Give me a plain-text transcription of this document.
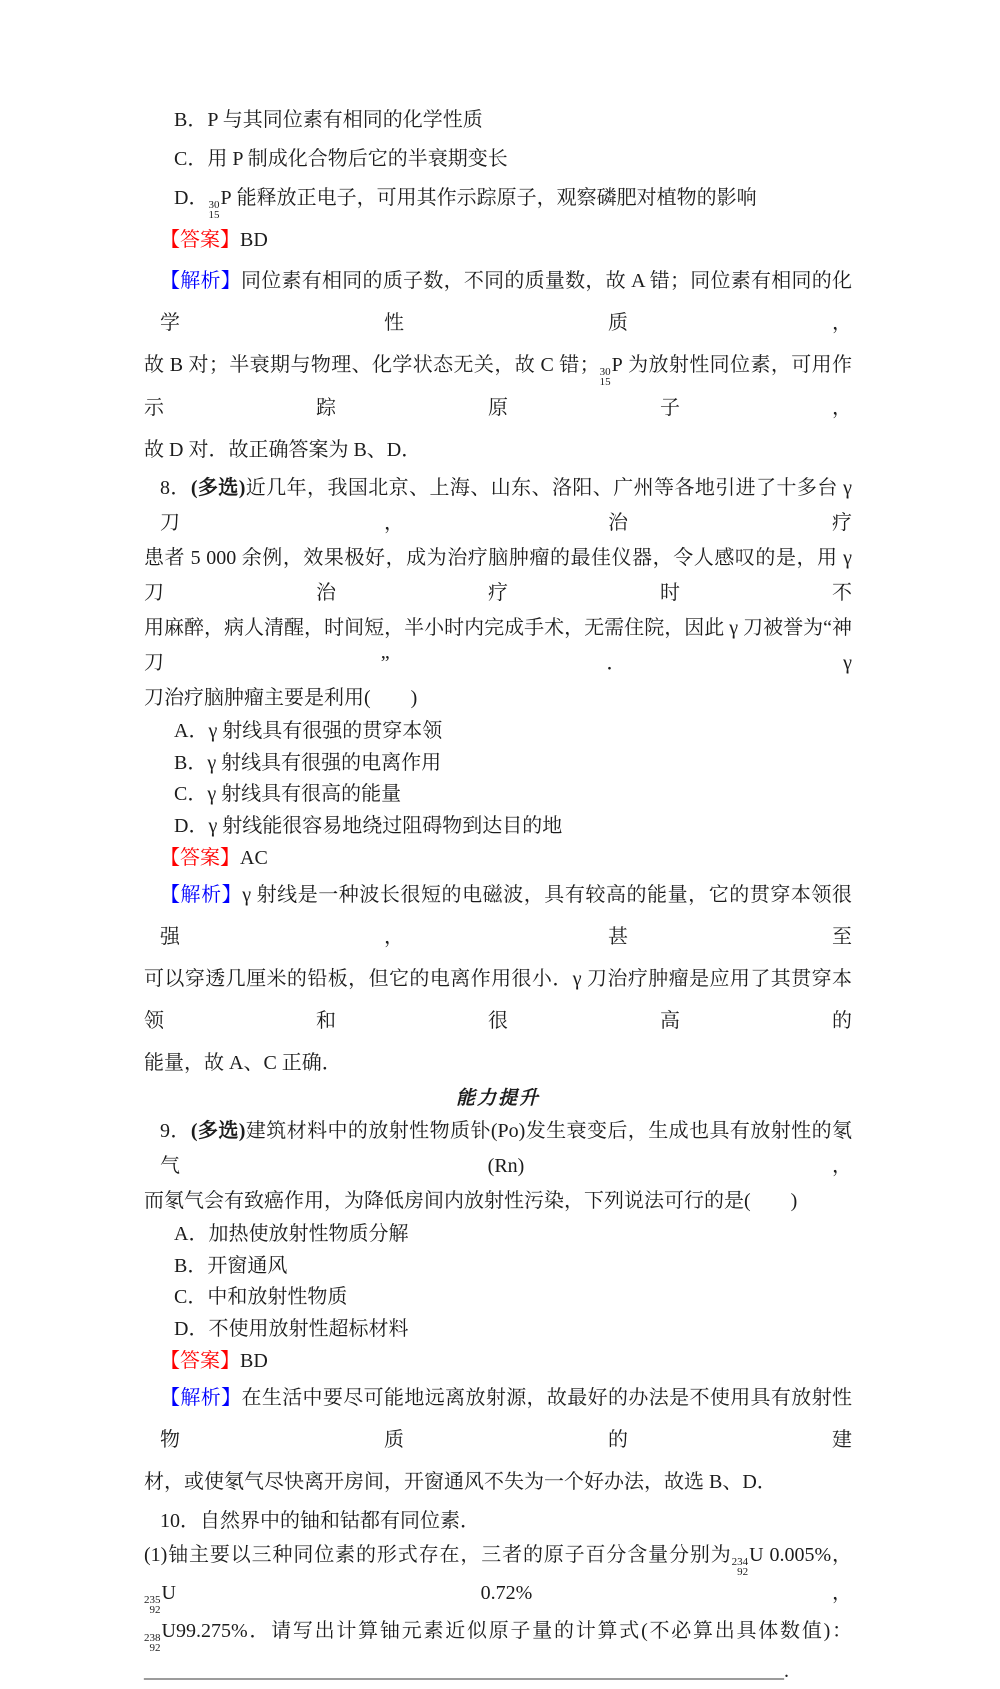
B．P 与其同位素有相同的化学性质
C．用 P 制成化合物后它的半衰期变长
D． 30
15
P 能释放正电子，可用其作示踪原子，观察磷肥对植物的影响
【答案】BD
【解析】同位素有相同的质子数，不同的质量数，故 A 错；同位素有相同的化学性质，
故 B 对；半衰期与物理、化学状态无关，故 C 错； 30
15
P 为放射性同位素，可用作示踪原子，
故 D 对．故正确答案为 B、D．
8．(多选)近几年，我国北京、上海、山东、洛阳、广州等各地引进了十多台 γ 刀，治疗
患者 5 000 余例，效果极好，成为治疗脑肿瘤的最佳仪器，令人感叹的是，用 γ 刀治疗时不
用麻醉，病人清醒，时间短，半小时内完成手术，无需住院，因此 γ 刀被誉为“神刀”．γ
刀治疗脑肿瘤主要是利用(　　)
A．γ 射线具有很强的贯穿本领
B．γ 射线具有很强的电离作用
C．γ 射线具有很高的能量
D．γ 射线能很容易地绕过阻碍物到达目的地
【答案】AC
【解析】γ 射线是一种波长很短的电磁波，具有较高的能量，它的贯穿本领很强，甚至
可以穿透几厘米的铅板，但它的电离作用很小．γ 刀治疗肿瘤是应用了其贯穿本领和很高的
能量，故 A、C 正确．
能力提升
9．(多选)建筑材料中的放射性物质钋(Po)发生衰变后，生成也具有放射性的氡气(Rn)，
而氡气会有致癌作用，为降低房间内放射性污染，下列说法可行的是(　　)
A．加热使放射性物质分解
B．开窗通风
C．中和放射性物质
D．不使用放射性超标材料
【答案】BD
【解析】在生活中要尽可能地远离放射源，故最好的办法是不使用具有放射性物质的建
材，或使氡气尽快离开房间，开窗通风不失为一个好办法，故选 B、D．
10．自然界中的铀和钴都有同位素．
(1)铀主要以三种同位素的形式存在，三者的原子百分含量分别为 234
92
U 0.005%，
235
92
U 0.72%，
238
92
U99.275%．请写出计算铀元素近似原子量的计算式(不必算出具体数值)：
________________________________________________________________.
